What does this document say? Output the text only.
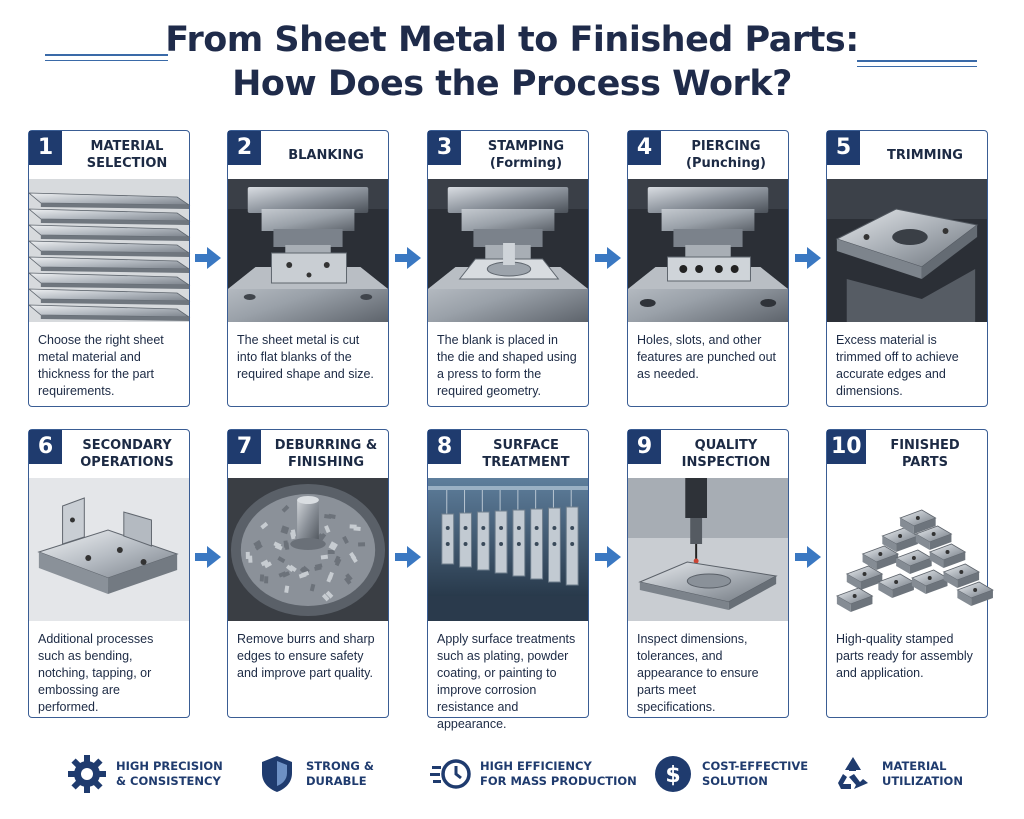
From Sheet Metal to Finished Parts:
How Does the Process Work?
1	MATERIAL
SELECTION
Choose the right sheet metal material and thickness for the part requirements.
2	BLANKING
The sheet metal is cut into flat blanks of the required shape and size.
3	STAMPING
(Forming)
The blank is placed in the die and shaped using a press to form the required geometry.
4	PIERCING
(Punching)
Holes, slots, and other features are punched out as needed.
5	TRIMMING
Excess material is trimmed off to achieve accurate edges and dimensions.
6	SECONDARY
OPERATIONS
Additional processes such as bending, notching, tapping, or embossing are performed.
7	DEBURRING &
FINISHING
Remove burrs and sharp edges to ensure safety and improve part quality.
8	SURFACE
TREATMENT
Apply surface treatments such as plating, powder coating, or painting to improve corrosion resistance and appearance.
9	QUALITY
INSPECTION
Inspect dimensions, tolerances, and appearance to ensure parts meet specifications.
10	FINISHED
PARTS
High-quality stamped parts ready for assembly and application.
HIGH PRECISION
& CONSISTENCY
STRONG &
DURABLE
HIGH EFFICIENCY
FOR MASS PRODUCTION $ COST-EFFECTIVE
SOLUTION
MATERIAL
UTILIZATION
